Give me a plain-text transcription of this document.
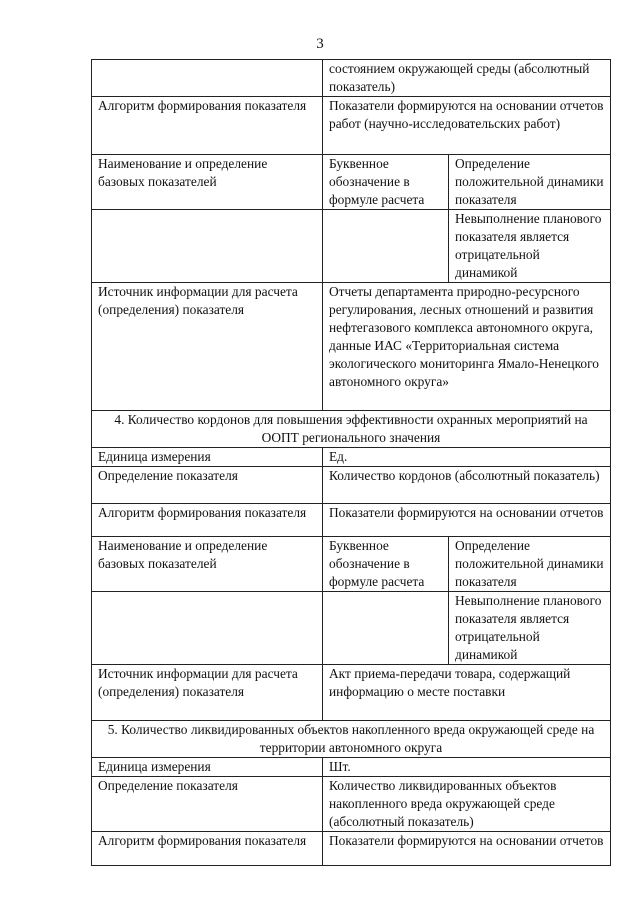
3
	состоянием окружающей среды (абсолютный показатель)	
Алгоритм формирования показателя	Показатели формируются на основании отчетов работ (научно-исследовательских работ)	
Наименование и определение базовых показателей	Буквенное обозначение в формуле расчета	Определение положительной динамики показателя
		Невыполнение планового показателя является отрицательной динамикой
Источник информации для расчета (определения) показателя	Отчеты департамента природно-ресурсного регулирования, лесных отношений и развития нефтегазового комплекса автономного округа, данные ИАС «Территориальная система экологического мониторинга Ямало-Ненецкого автономного округа»	
4. Количество кордонов для повышения эффективности охранных мероприятий на ООПТ регионального значения		
Единица измерения	Ед.	
Определение показателя	Количество кордонов (абсолютный показатель)	
Алгоритм формирования показателя	Показатели формируются на основании отчетов	
Наименование и определение базовых показателей	Буквенное обозначение в формуле расчета	Определение положительной динамики показателя
		Невыполнение планового показателя является отрицательной динамикой
Источник информации для расчета (определения) показателя	Акт приема-передачи товара, содержащий информацию о месте поставки	
5. Количество ликвидированных объектов накопленного вреда окружающей среде на территории автономного округа		
Единица измерения	Шт.	
Определение показателя	Количество ликвидированных объектов накопленного вреда окружающей среде (абсолютный показатель)	
Алгоритм формирования показателя	Показатели формируются на основании отчетов	
